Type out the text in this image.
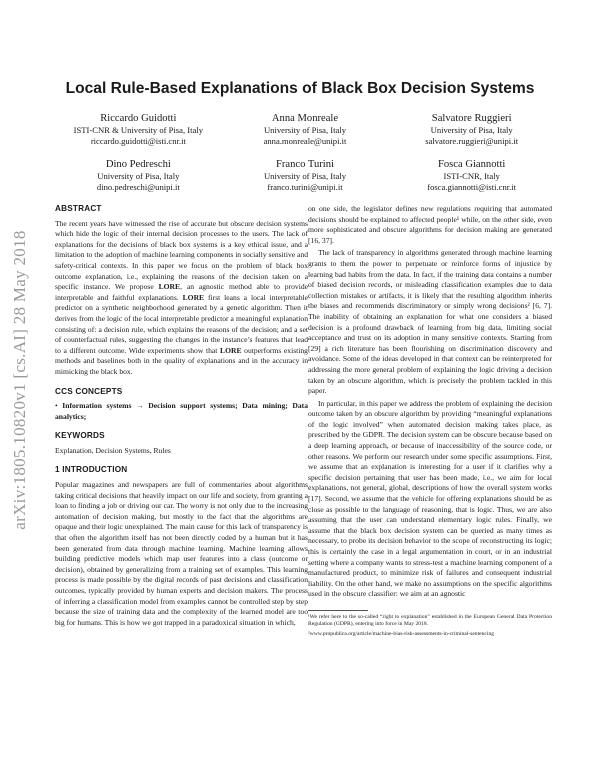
arXiv:1805.10820v1 [cs.AI] 28 May 2018
Local Rule-Based Explanations of Black Box Decision Systems
Riccardo Guidotti
ISTI-CNR & University of Pisa, Italy
riccardo.guidotti@isti.cnr.it
Anna Monreale
University of Pisa, Italy
anna.monreale@unipi.it
Salvatore Ruggieri
University of Pisa, Italy
salvatore.ruggieri@unipi.it
Dino Pedreschi
University of Pisa, Italy
dino.pedreschi@unipi.it
Franco Turini
University of Pisa, Italy
franco.turini@unipi.it
Fosca Giannotti
ISTI-CNR, Italy
fosca.giannotti@isti.cnr.it
ABSTRACT

The recent years have witnessed the rise of accurate but obscure decision systems which hide the logic of their internal decision processes to the users. The lack of explanations for the decisions of black box systems is a key ethical issue, and a limitation to the adoption of machine learning components in socially sensitive and safety-critical contexts. In this paper we focus on the problem of black box outcome explanation, i.e., explaining the reasons of the decision taken on a specific instance. We propose LORE, an agnostic method able to provide interpretable and faithful explanations. LORE first leans a local interpretable predictor on a synthetic neighborhood generated by a genetic algorithm. Then it derives from the logic of the local interpretable predictor a meaningful explanation consisting of: a decision rule, which explains the reasons of the decision; and a set of counterfactual rules, suggesting the changes in the instance’s features that lead to a different outcome. Wide experiments show that LORE outperforms existing methods and baselines both in the quality of explanations and in the accuracy in mimicking the black box.

CCS CONCEPTS

• Information systems → Decision support systems; Data mining; Data analytics;

KEYWORDS

Explanation, Decision Systems, Rules

1 INTRODUCTION

Popular magazines and newspapers are full of commentaries about algorithms taking critical decisions that heavily impact on our life and society, from granting a loan to finding a job or driving our car. The worry is not only due to the increasing automation of decision making, but mostly to the fact that the algorithms are opaque and their logic unexplained. The main cause for this lack of transparency is that often the algorithm itself has not been directly coded by a human but it has been generated from data through machine learning. Machine learning allows building predictive models which map user features into a class (outcome or decision), obtained by generalizing from a training set of examples. This learning process is made possible by the digital records of past decisions and classification outcomes, typically provided by human experts and decision makers. The process of inferring a classification model from examples cannot be controlled step by step because the size of training data and the complexity of the learned model are too big for humans. This is how we got trapped in a paradoxical situation in which,

on one side, the legislator defines new regulations requiring that automated decisions should be explained to affected people¹ while, on the other side, even more sophisticated and obscure algorithms for decision making are generated [16, 37].

The lack of transparency in algorithms generated through machine learning grants to them the power to perpetuate or reinforce forms of injustice by learning bad habits from the data. In fact, if the training data contains a number of biased decision records, or misleading classification examples due to data collection mistakes or artifacts, it is likely that the resulting algorithm inherits the biases and recommends discriminatory or simply wrong decisions² [6, 7]. The inability of obtaining an explanation for what one considers a biased decision is a profound drawback of learning from big data, limiting social acceptance and trust on its adoption in many sensitive contexts. Starting from [29] a rich literature has been flourishing on discrimination discovery and avoidance. Some of the ideas developed in that context can be reinterpreted for addressing the more general problem of explaining the logic driving a decision taken by an obscure algorithm, which is precisely the problem tackled in this paper.

In particular, in this paper we address the problem of explaining the decision outcome taken by an obscure algorithm by providing “meaningful explanations of the logic involved” when automated decision making takes place, as prescribed by the GDPR. The decision system can be obscure because based on a deep learning approach, or because of inaccessibility of the source code, or other reasons. We perform our research under some specific assumptions. First, we assume that an explanation is interesting for a user if it clarifies why a specific decision pertaining that user has been made, i.e., we aim for local explanations, not general, global, descriptions of how the overall system works [17]. Second, we assume that the vehicle for offering explanations should be as close as possible to the language of reasoning, that is logic. Thus, we are also assuming that the user can understand elementary logic rules. Finally, we assume that the black box decision system can be queried as many times as necessary, to probe its decision behavior to the scope of reconstructing its logic; this is certainly the case in a legal argumentation in court, or in an industrial setting where a company wants to stress-test a machine learning component of a manufactured product, to minimize risk of failures and consequent industrial liability. On the other hand, we make no assumptions on the specific algorithms used in the obscure classifier: we aim at an agnostic

¹We refer here to the so-called “right to explanation” established in the European General Data Protection Regulation (GDPR), entering into force in May 2018.

²www.propublica.org/article/machine-bias-risk-assessments-in-criminal-sentencing
